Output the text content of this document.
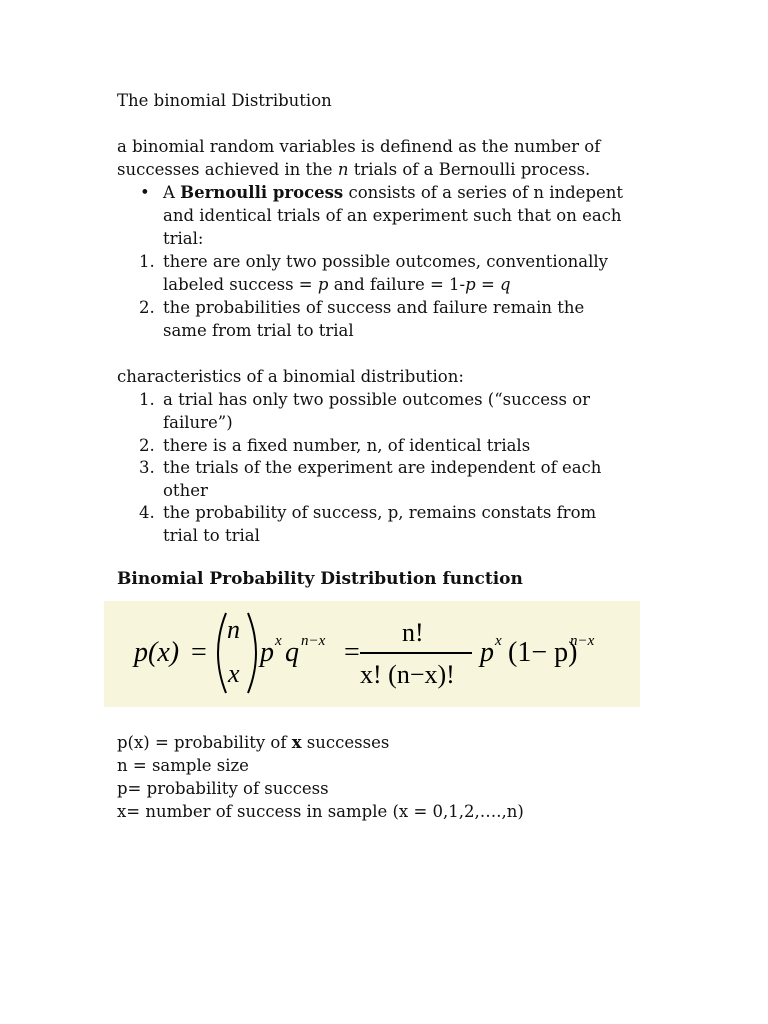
The binomial Distribution
a binomial random variables is definend as the number of
successes achieved in the n trials of a Bernoulli process.
• A Bernoulli process consists of a series of n indepent
and identical trials of an experiment such that on each
trial:
1. there are only two possible outcomes, conventionally
labeled success = p and failure = 1-p = q
2. the probabilities of success and failure remain the
same from trial to trial
characteristics of a binomial distribution:
1. a trial has only two possible outcomes (“success or
failure”)
2. there is a fixed number, n, of identical trials
3. the trials of the experiment are independent of each
other
4. the probability of success, p, remains constats from
trial to trial
Binomial Probability Distribution function
p(x) =
n
x
p x q n−x =
n!
x! (n−x)!
p x (1− p)
n−x
p(x) = probability of x successes
n = sample size
p= probability of success
x= number of success in sample (x = 0,1,2,….,n)
